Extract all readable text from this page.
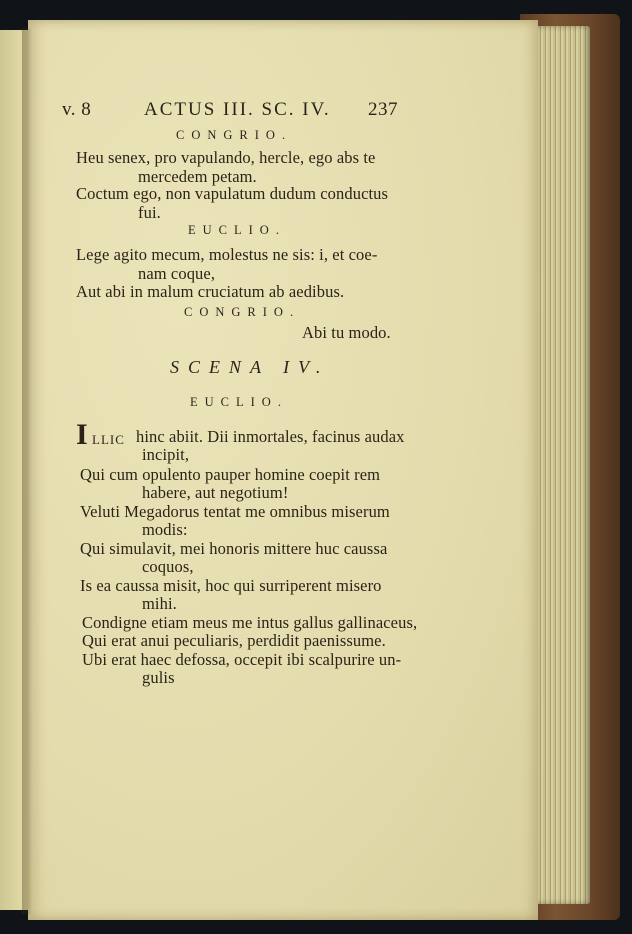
v. 8	ACTUS III. SC. IV. 237
CONGRIO.
Heu senex, pro vapulando, hercle, ego abs te
mercedem petam.
Coctum ego, non vapulatum dudum conductus
fui.
EUCLIO.
Lege agito mecum, molestus ne sis: i, et coe-
nam coque,
Aut abi in malum cruciatum ab aedibus.
CONGRIO.
Abi tu modo.
SCENA IV.
EUCLIO.
I LLIC hinc abiit. Dii inmortales, facinus audax
incipit,
Qui cum opulento pauper homine coepit rem
habere, aut negotium!
Veluti Megadorus tentat me omnibus miserum
modis:
Qui simulavit, mei honoris mittere huc caussa
coquos,
Is ea caussa misit, hoc qui surriperent misero
mihi.
Condigne etiam meus me intus gallus gallinaceus,
Qui erat anui peculiaris, perdidit paenissume.
Ubi erat haec defossa, occepit ibi scalpurire un-
gulis
